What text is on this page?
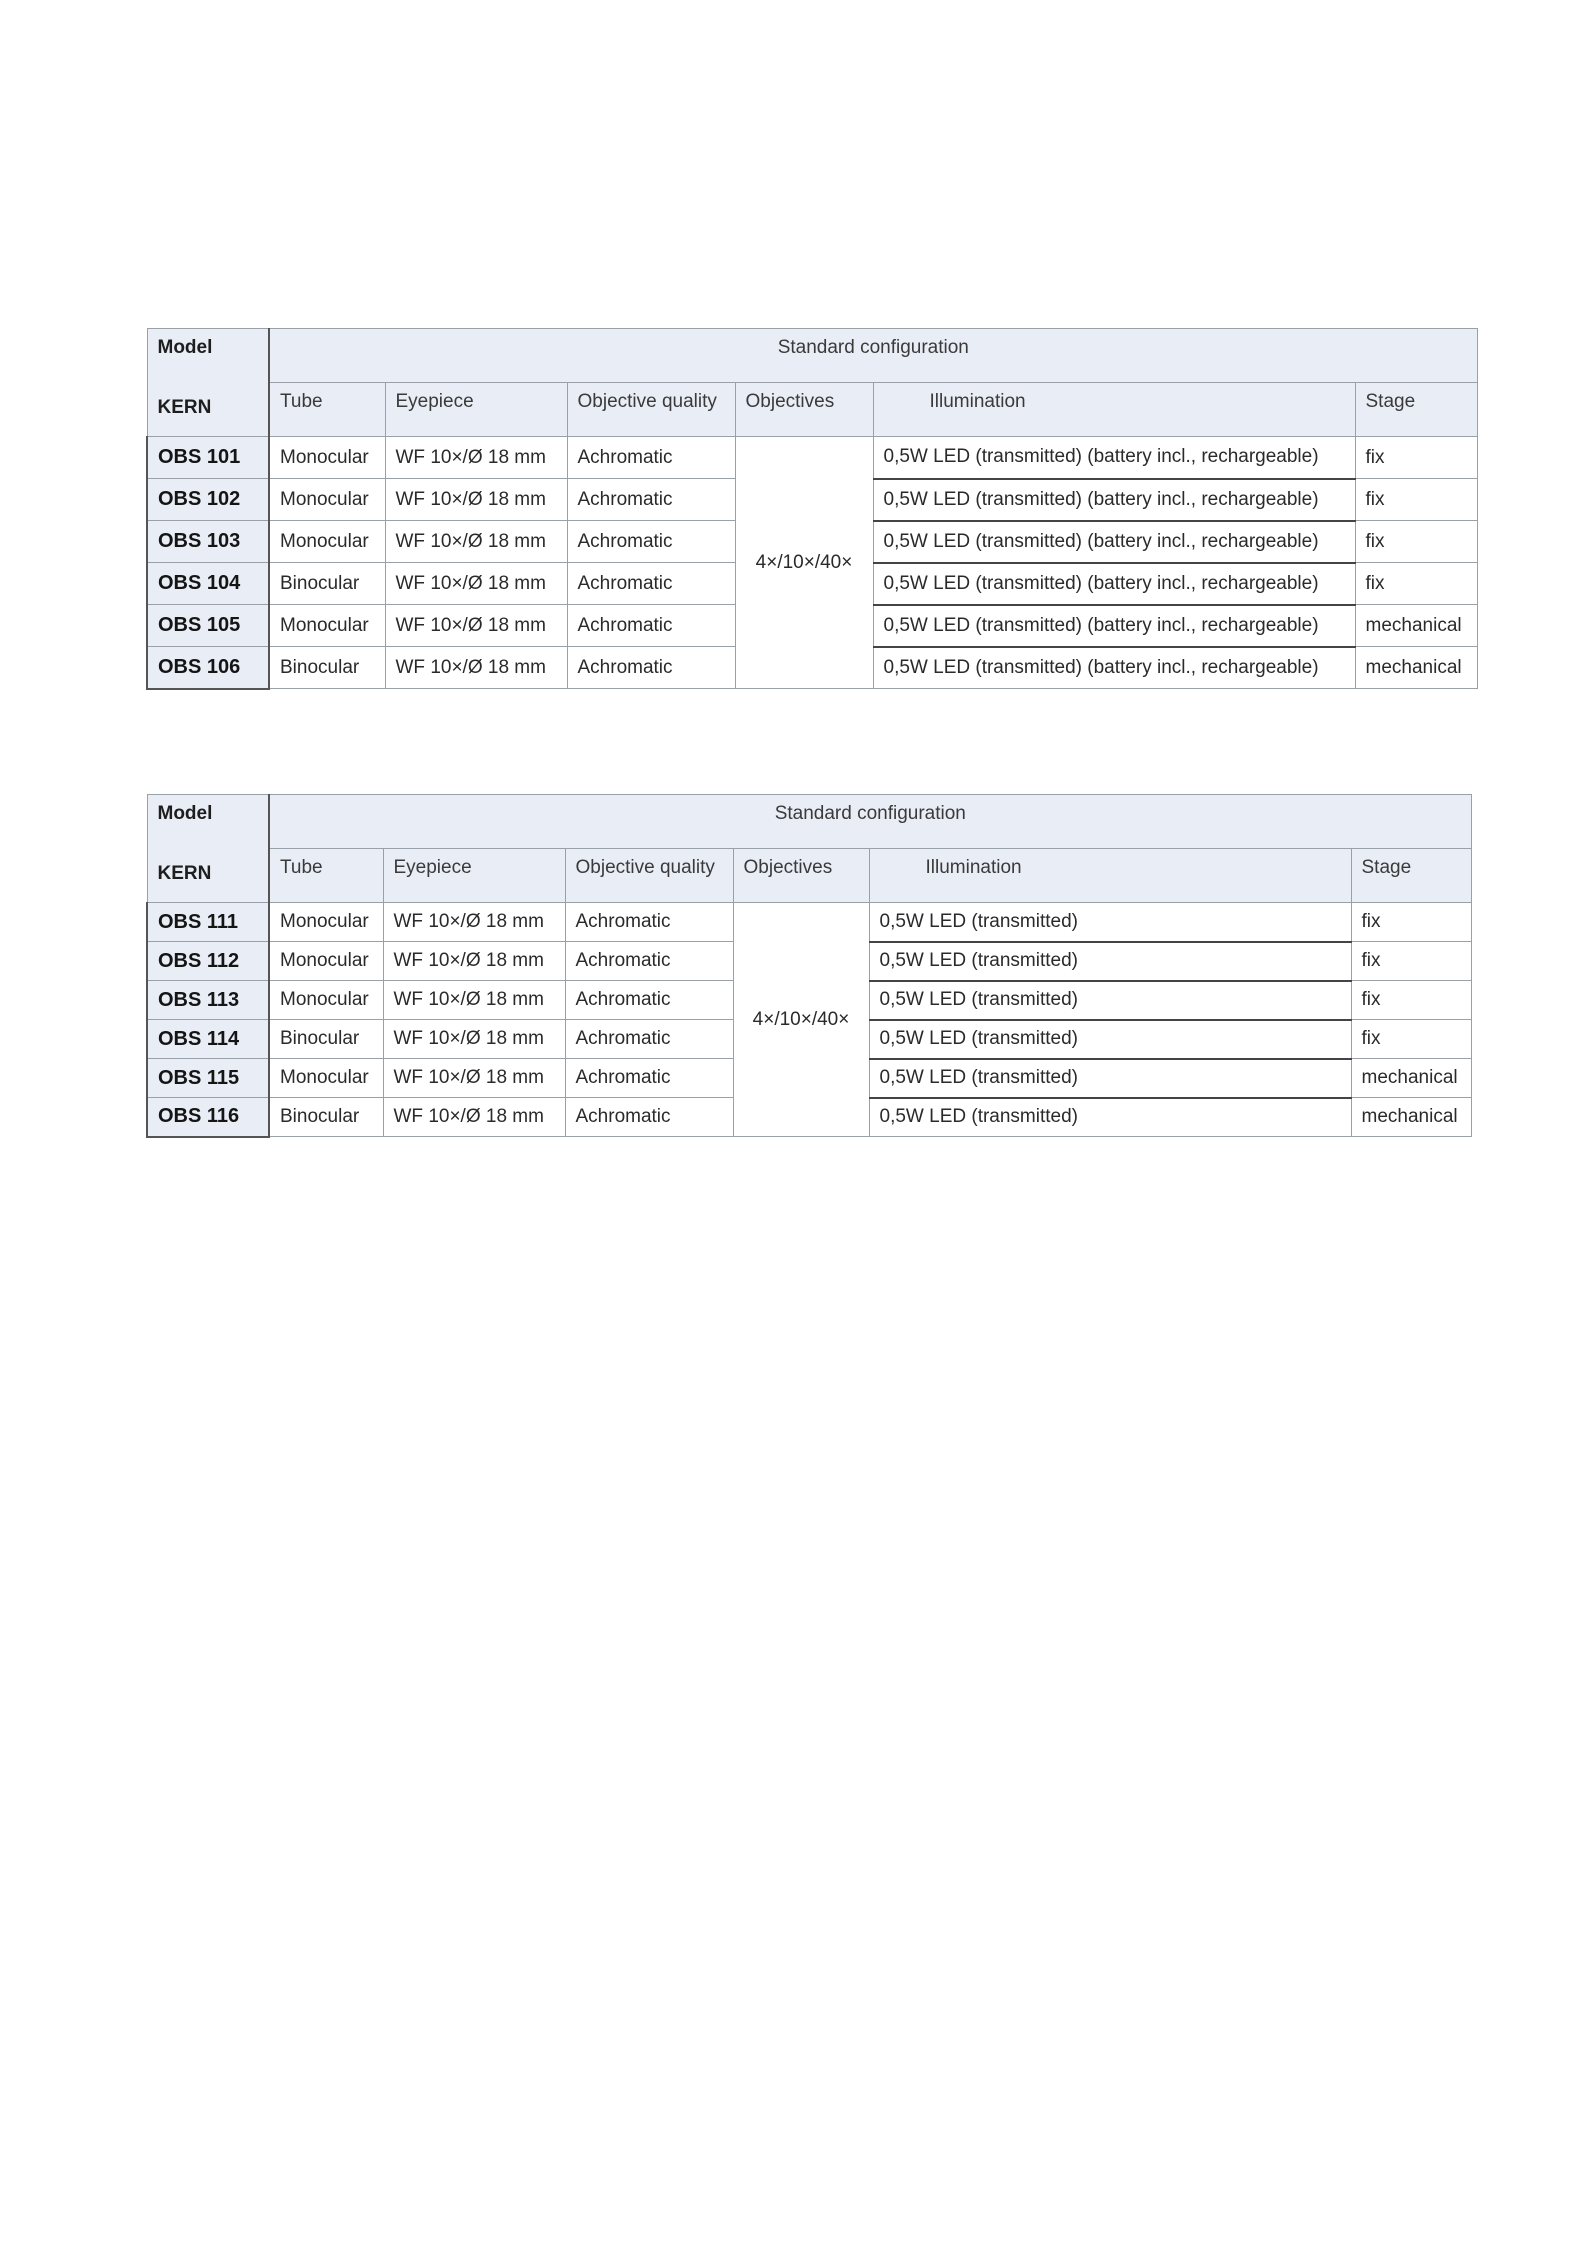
Model
KERN	Standard configuration					
	Tube	Eyepiece	Objective quality	Objectives	Illumination	Stage
OBS 101	Monocular	WF 10×/Ø 18 mm	Achromatic	4×/10×/40×	0,5W LED (transmitted) (battery incl., rechargeable)	fix
OBS 102	Monocular	WF 10×/Ø 18 mm	Achromatic		0,5W LED (transmitted) (battery incl., rechargeable)	fix
OBS 103	Monocular	WF 10×/Ø 18 mm	Achromatic		0,5W LED (transmitted) (battery incl., rechargeable)	fix
OBS 104	Binocular	WF 10×/Ø 18 mm	Achromatic		0,5W LED (transmitted) (battery incl., rechargeable)	fix
OBS 105	Monocular	WF 10×/Ø 18 mm	Achromatic		0,5W LED (transmitted) (battery incl., rechargeable)	mechanical
OBS 106	Binocular	WF 10×/Ø 18 mm	Achromatic		0,5W LED (transmitted) (battery incl., rechargeable)	mechanical
Model
KERN	Standard configuration					
	Tube	Eyepiece	Objective quality	Objectives	Illumination	Stage
OBS 111	Monocular	WF 10×/Ø 18 mm	Achromatic	4×/10×/40×	0,5W LED (transmitted)	fix
OBS 112	Monocular	WF 10×/Ø 18 mm	Achromatic		0,5W LED (transmitted)	fix
OBS 113	Monocular	WF 10×/Ø 18 mm	Achromatic		0,5W LED (transmitted)	fix
OBS 114	Binocular	WF 10×/Ø 18 mm	Achromatic		0,5W LED (transmitted)	fix
OBS 115	Monocular	WF 10×/Ø 18 mm	Achromatic		0,5W LED (transmitted)	mechanical
OBS 116	Binocular	WF 10×/Ø 18 mm	Achromatic		0,5W LED (transmitted)	mechanical
